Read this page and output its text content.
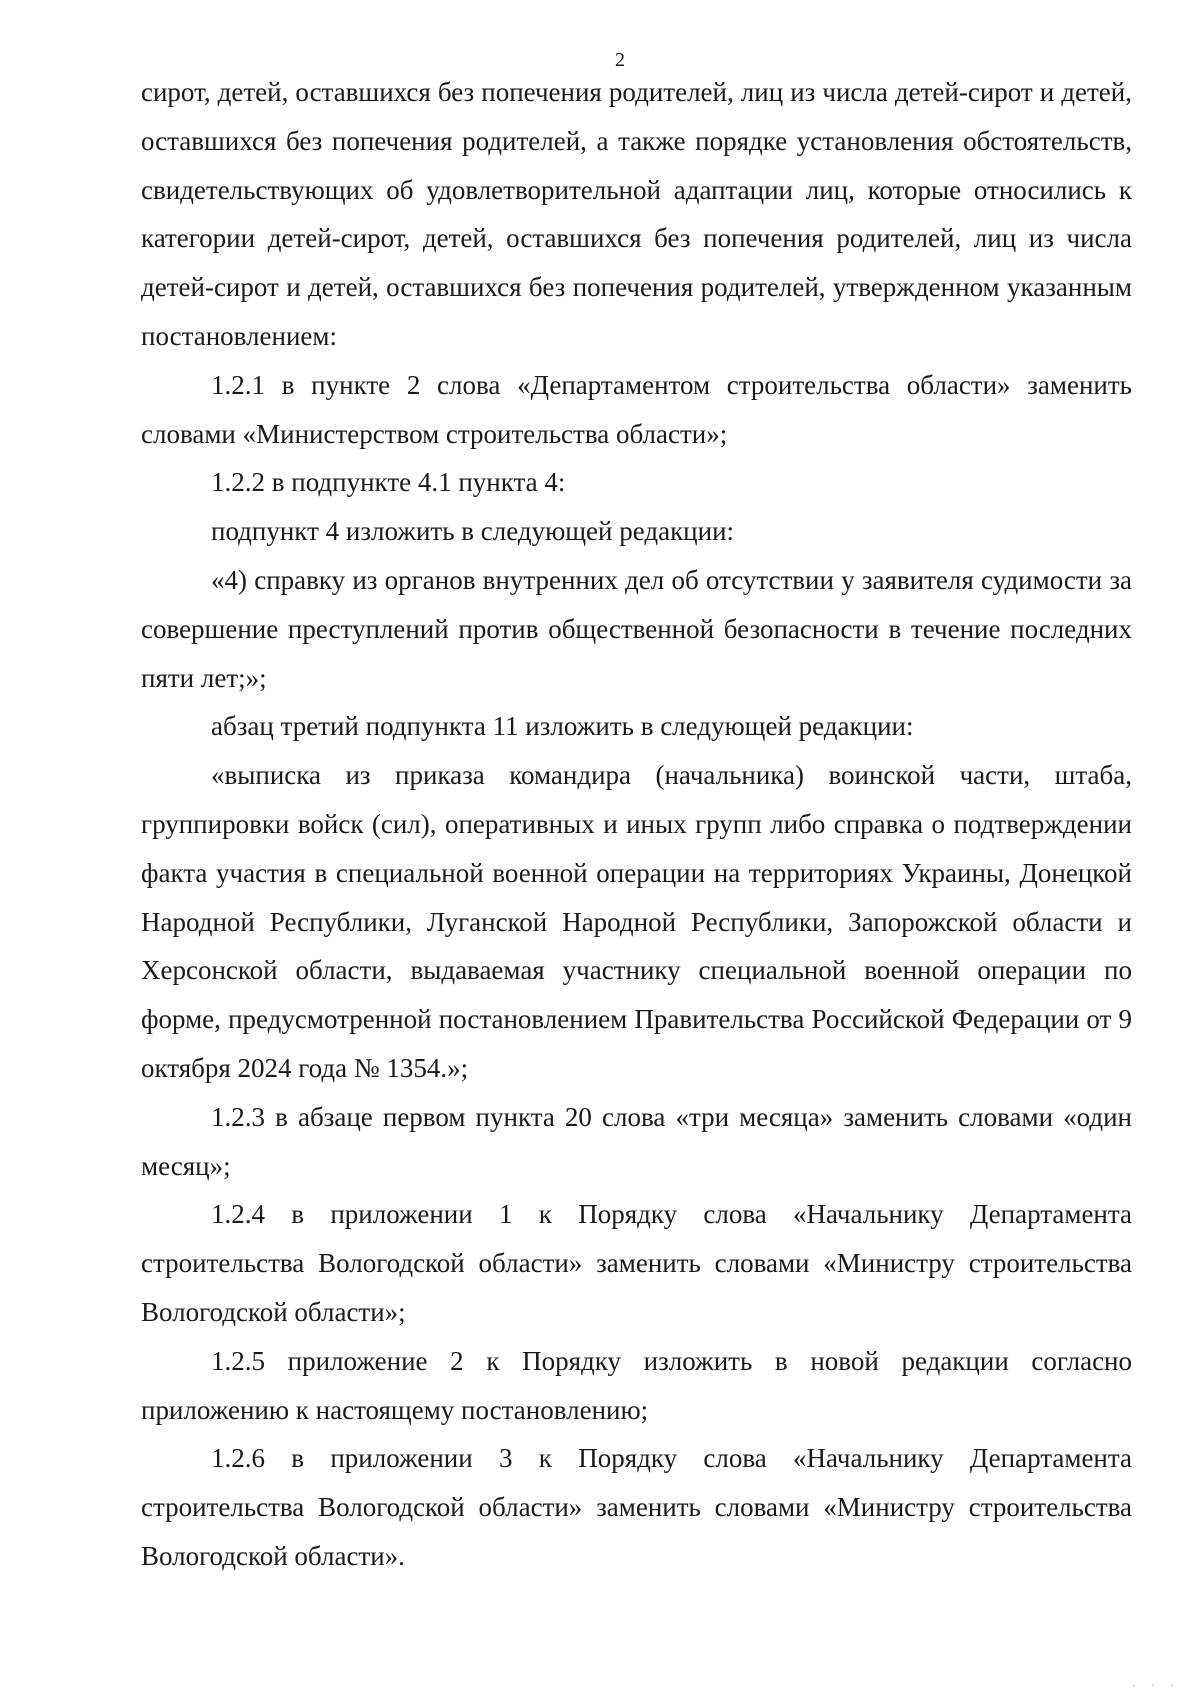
2

сирот, детей, оставшихся без попечения родителей, лиц из числа детей-сирот и детей, оставшихся без попечения родителей, а также порядке установления обстоятельств, свидетельствующих об удовлетворительной адаптации лиц, которые относились к категории детей-сирот, детей, оставшихся без попечения родителей, лиц из числа детей-сирот и детей, оставшихся без попечения родителей, утвержденном указанным постановлением:

1.2.1 в пункте 2 слова «Департаментом строительства области» заменить словами «Министерством строительства области»;

1.2.2 в подпункте 4.1 пункта 4:

подпункт 4 изложить в следующей редакции:

«4) справку из органов внутренних дел об отсутствии у заявителя судимости за совершение преступлений против общественной безопасности в течение последних пяти лет;»;

абзац третий подпункта 11 изложить в следующей редакции:

«выписка из приказа командира (начальника) воинской части, штаба, группировки войск (сил), оперативных и иных групп либо справка о подтверждении факта участия в специальной военной операции на территориях Украины, Донецкой Народной Республики, Луганской Народной Республики, Запорожской области и Херсонской области, выдаваемая участнику специальной военной операции по форме, предусмотренной постановлением Правительства Российской Федерации от 9 октября 2024 года № 1354.»;

1.2.3 в абзаце первом пункта 20 слова «три месяца» заменить словами «один месяц»;

1.2.4 в приложении 1 к Порядку слова «Начальнику Департамента строительства Вологодской области» заменить словами «Министру строительства Вологодской области»;

1.2.5 приложение 2 к Порядку изложить в новой редакции согласно приложению к настоящему постановлению;

1.2.6 в приложении 3 к Порядку слова «Начальнику Департамента строительства Вологодской области» заменить словами «Министру строительства Вологодской области».

· · ·
